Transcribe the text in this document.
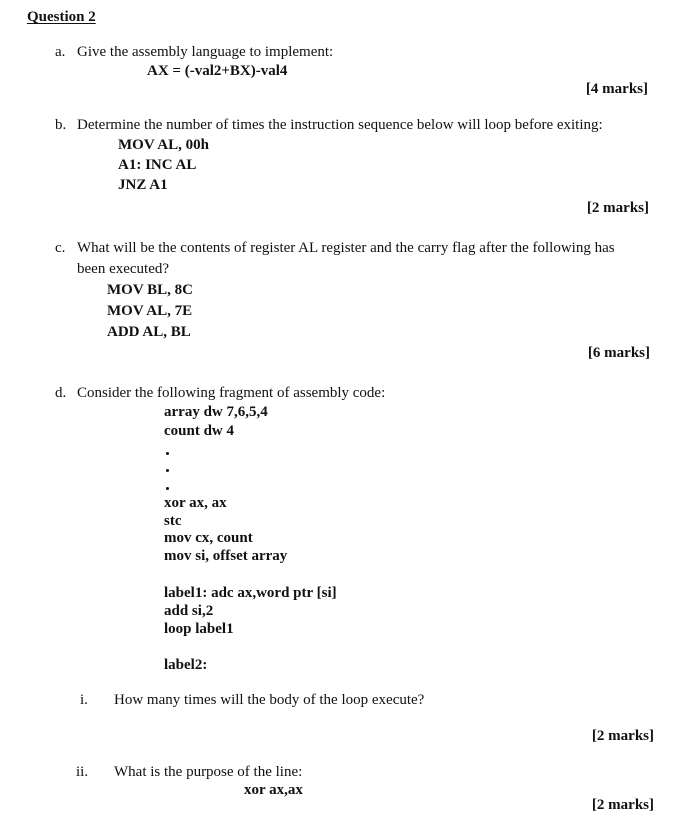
Question 2
a. Give the assembly language to implement:
AX = (-val2+BX)-val4
[4 marks]
b. Determine the number of times the instruction sequence below will loop before exiting:
MOV AL, 00h
A1: INC AL
JNZ A1
[2 marks]
c. What will be the contents of register AL register and the carry flag after the following has
been executed?
MOV BL, 8C
MOV AL, 7E
ADD AL, BL
[6 marks]
d. Consider the following fragment of assembly code:
array dw 7,6,5,4
count dw 4
xor ax, ax
stc
mov cx, count
mov si, offset array
label1: adc ax,word ptr [si]
add si,2
loop label1
label2:
i. How many times will the body of the loop execute?
[2 marks]
ii. What is the purpose of the line:
xor ax,ax
[2 marks]
